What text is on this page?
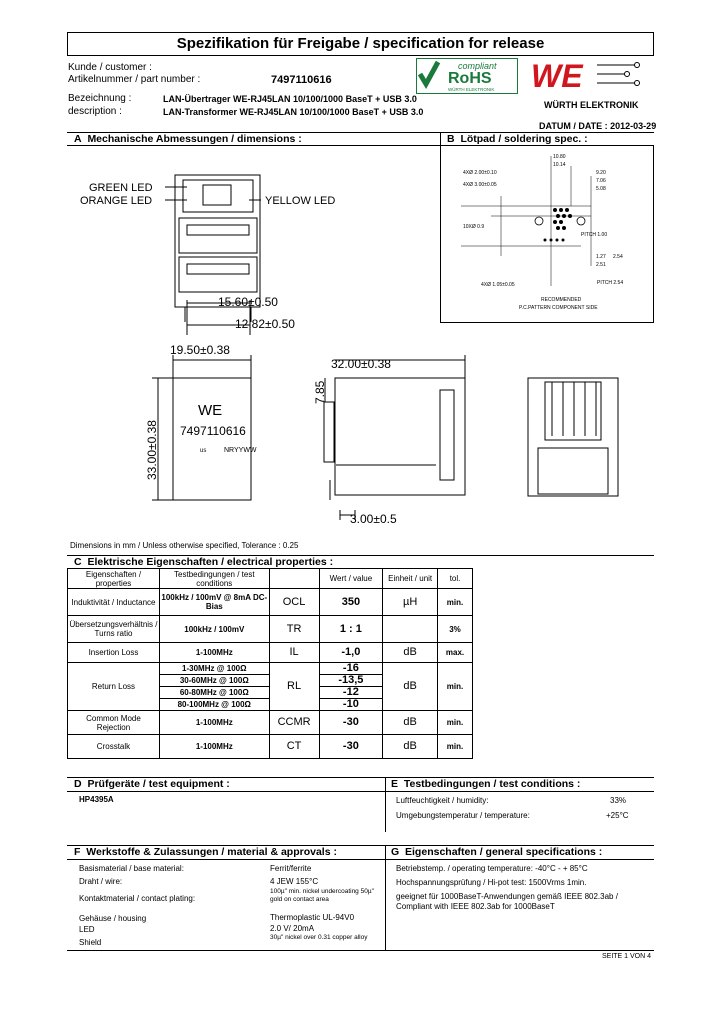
Spezifikation für Freigabe / specification for release
Kunde / customer :
Artikelnummer / part number :	7497110616
Bezeichnung :	LAN-Übertrager WE-RJ45LAN 10/100/1000 BaseT + USB 3.0
description :	LAN-Transformer WE-RJ45LAN 10/100/1000 BaseT + USB 3.0
DATUM / DATE : 2012-03-29
compliant
RoHS
WÜRTH ELEKTRONIK WE
WÜRTH ELEKTRONIK
A Mechanische Abmessungen / dimensions :	B Lötpad / soldering spec. :
10.80
10.14
9.20
7.06
5.08
4XØ 2.00±0.10
4XØ 3.00±0.05
10XØ 0.9
1.27
2.51
2.54
4XØ 1.05±0.05	PITCH 2.54
PITCH 1.00
RECOMMENDED
P.C.PATTERN COMPONENT SIDE
GREEN LED
ORANGE LED	YELLOW LED
15.60±0.50
12.82±0.50
19.50±0.38
33.00±0.38
WE
7497110616
us	NRYYWW
32.00±0.38
7.85
3.00±0.5
Dimensions in mm / Unless otherwise specified, Tolerance : 0.25
C Elektrische Eigenschaften / electrical properties :
Eigenschaften / properties	Testbedingungen / test conditions		Wert / value	Einheit / unit	tol.
Induktivität / Inductance	100kHz / 100mV @ 8mA DC-Bias	OCL	350	µH	min.
Übersetzungsverhältnis / Turns ratio	100kHz / 100mV	TR	1 : 1		3%
Insertion Loss	1-100MHz	IL	-1,0	dB	max.
Return Loss	1-30MHz @ 100Ω	RL	-16	dB	min.
	30-60MHz @ 100Ω		-13,5		
	60-80MHz @ 100Ω		-12		
	80-100MHz @ 100Ω		-10		
Common Mode Rejection	1-100MHz	CCMR	-30	dB	min.
Crosstalk	1-100MHz	CT	-30	dB	min.
D Prüfgeräte / test equipment :	E Testbedingungen / test conditions :
HP4395A	Luftfeuchtigkeit / humidity:	33%
Umgebungstemperatur / temperature:	+25°C
F Werkstoffe & Zulassungen / material & approvals :	G Eigenschaften / general specifications :
Basismaterial / base material:	Ferrit/ferrite
Draht / wire:	4 JEW 155°C
Kontaktmaterial / contact plating:
100µ" min. nickel undercoating 50µ" gold on contact area
Gehäuse / housing	Thermoplastic UL-94V0
LED	2.0 V/ 20mA
Shield
30µ" nickel over 0.31 copper alloy
Betriebstemp. / operating temperature: -40°C - + 85°C
Hochspannungsprüfung / Hi-pot test: 1500Vrms 1min.
geeignet für 1000BaseT-Anwendungen gemäß IEEE 802.3ab /
Compliant with IEEE 802.3ab for 1000BaseT
SEITE 1 VON 4
